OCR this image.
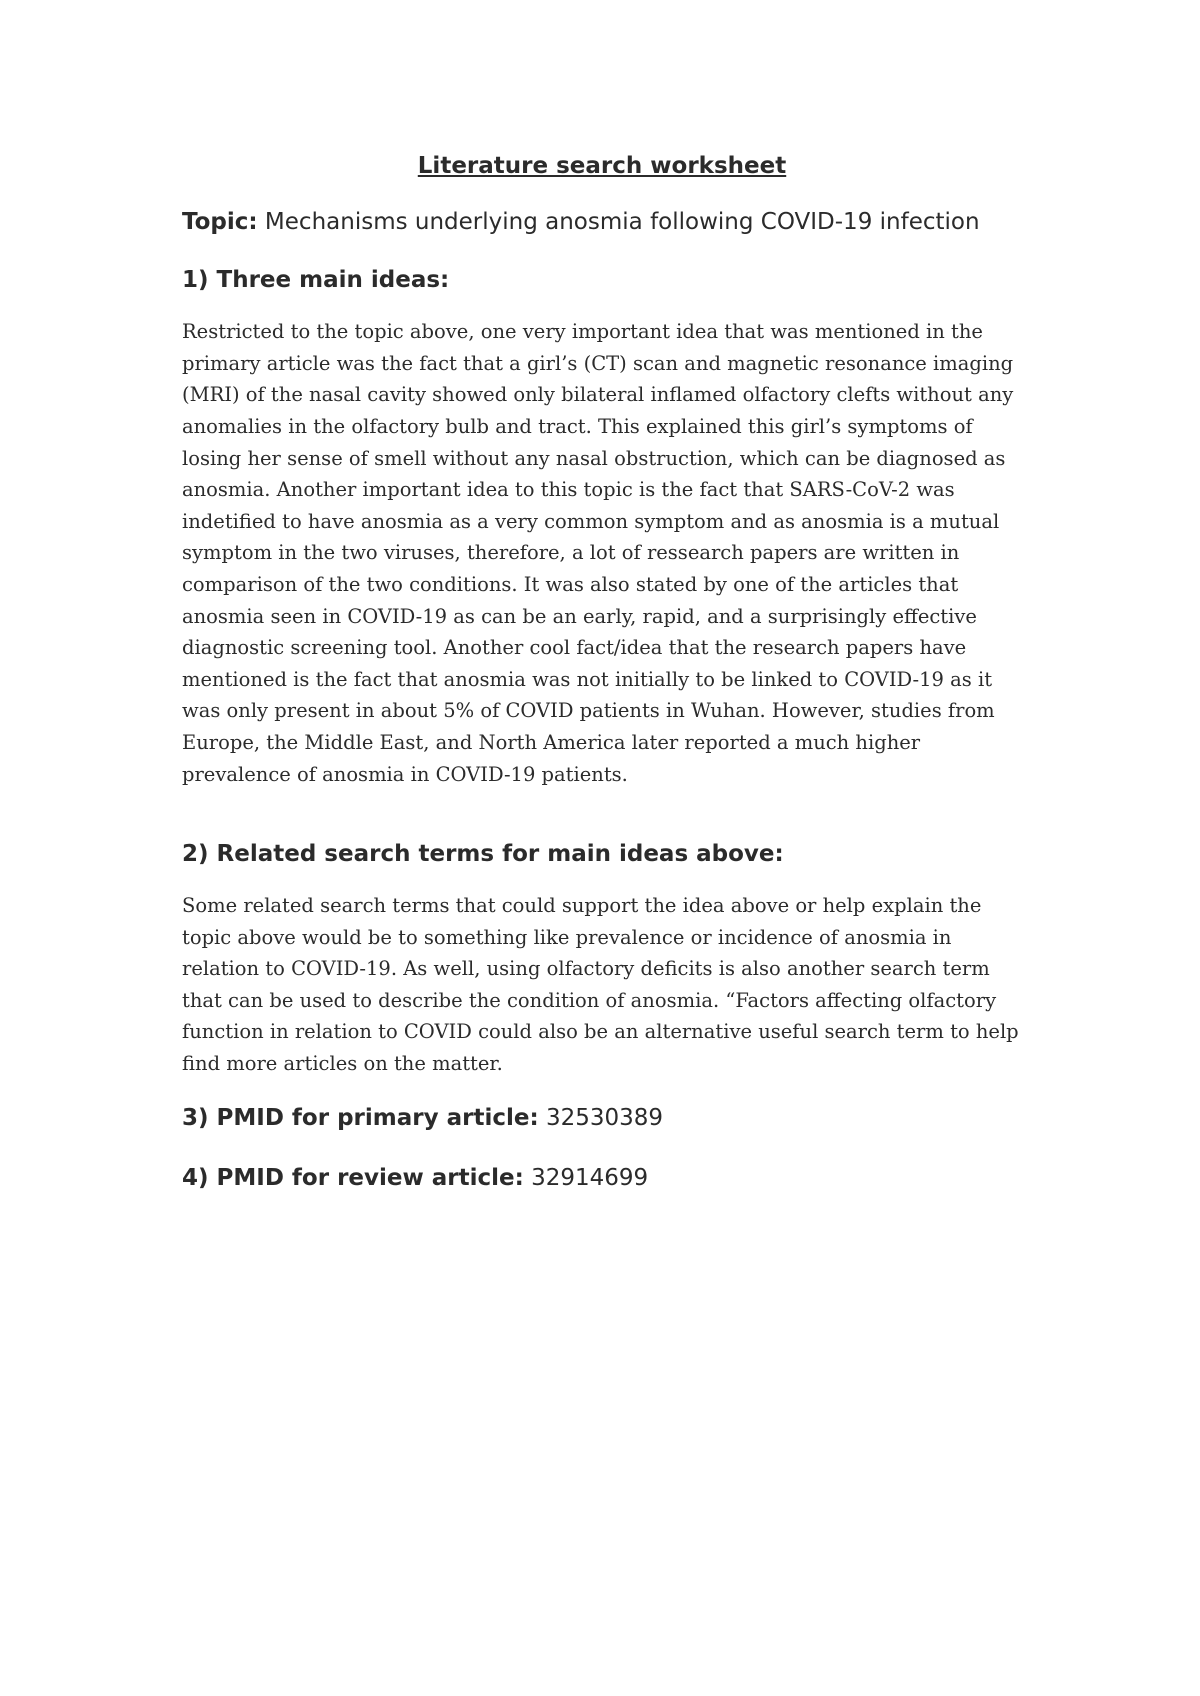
Literature search worksheet

Topic: Mechanisms underlying anosmia following COVID-19 infection

1) Three main ideas:

Restricted to the topic above, one very important idea that was mentioned in the primary article was the fact that a girl’s (CT) scan and magnetic resonance imaging (MRI) of the nasal cavity showed only bilateral inflamed olfactory clefts without any anomalies in the olfactory bulb and tract. This explained this girl’s symptoms of losing her sense of smell without any nasal obstruction, which can be diagnosed as anosmia. Another important idea to this topic is the fact that SARS-CoV-2 was indetified to have anosmia as a very common symptom and as anosmia is a mutual symptom in the two viruses, therefore, a lot of ressearch papers are written in comparison of the two conditions. It was also stated by one of the articles that anosmia seen in COVID-19 as can be an early, rapid, and a surprisingly effective diagnostic screening tool. Another cool fact/idea that the research papers have mentioned is the fact that anosmia was not initially to be linked to COVID-19 as it was only present in about 5% of COVID patients in Wuhan. However, studies from Europe, the Middle East, and North America later reported a much higher prevalence of anosmia in COVID-19 patients.

2) Related search terms for main ideas above:

Some related search terms that could support the idea above or help explain the topic above would be to something like prevalence or incidence of anosmia in relation to COVID-19. As well, using olfactory deficits is also another search term that can be used to describe the condition of anosmia. “Factors affecting olfactory function in relation to COVID could also be an alternative useful search term to help find more articles on the matter.

3) PMID for primary article: 32530389
4) PMID for review article: 32914699
